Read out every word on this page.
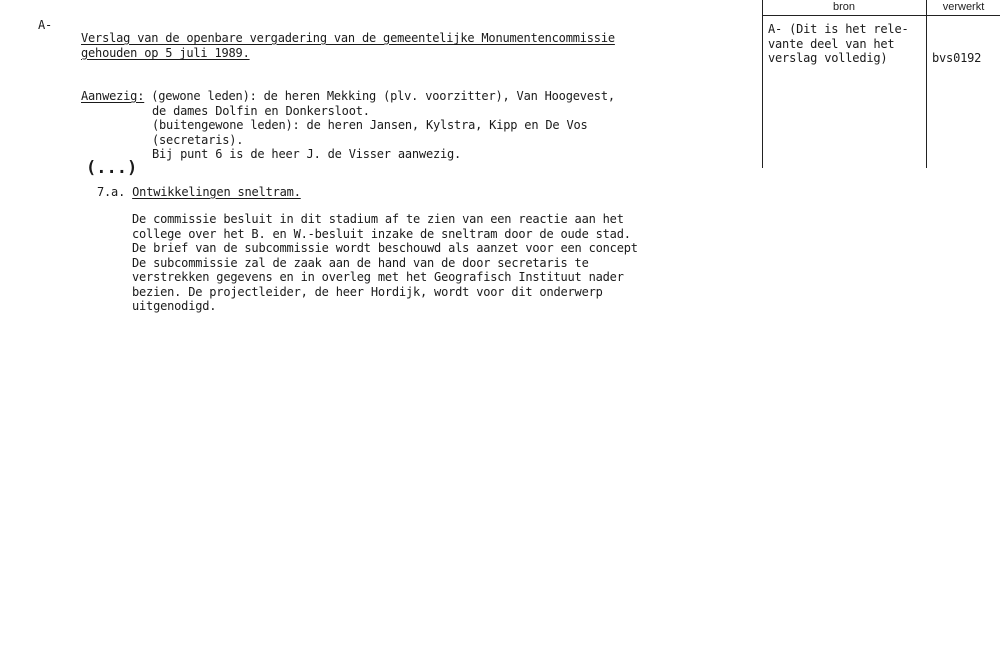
A-
Verslag van de openbare vergadering van de gemeentelijke Monumentencommissie
gehouden op 5 juli 1989.
Aanwezig: (gewone leden): de heren Mekking (plv. voorzitter), Van Hoogevest,
de dames Dolfin en Donkersloot.
(buitengewone leden): de heren Jansen, Kylstra, Kipp en De Vos
(secretaris).
Bij punt 6 is de heer J. de Visser aanwezig.
(...)
7.a. Ontwikkelingen sneltram.
De commissie besluit in dit stadium af te zien van een reactie aan het
college over het B. en W.-besluit inzake de sneltram door de oude stad.
De brief van de subcommissie wordt beschouwd als aanzet voor een concept
De subcommissie zal de zaak aan de hand van de door secretaris te
verstrekken gegevens en in overleg met het Geografisch Instituut nader
bezien. De projectleider, de heer Hordijk, wordt voor dit onderwerp
uitgenodigd.
bron	verwerkt
A- (Dit is het rele-
vante deel van het
verslag volledig)	bvs0192
